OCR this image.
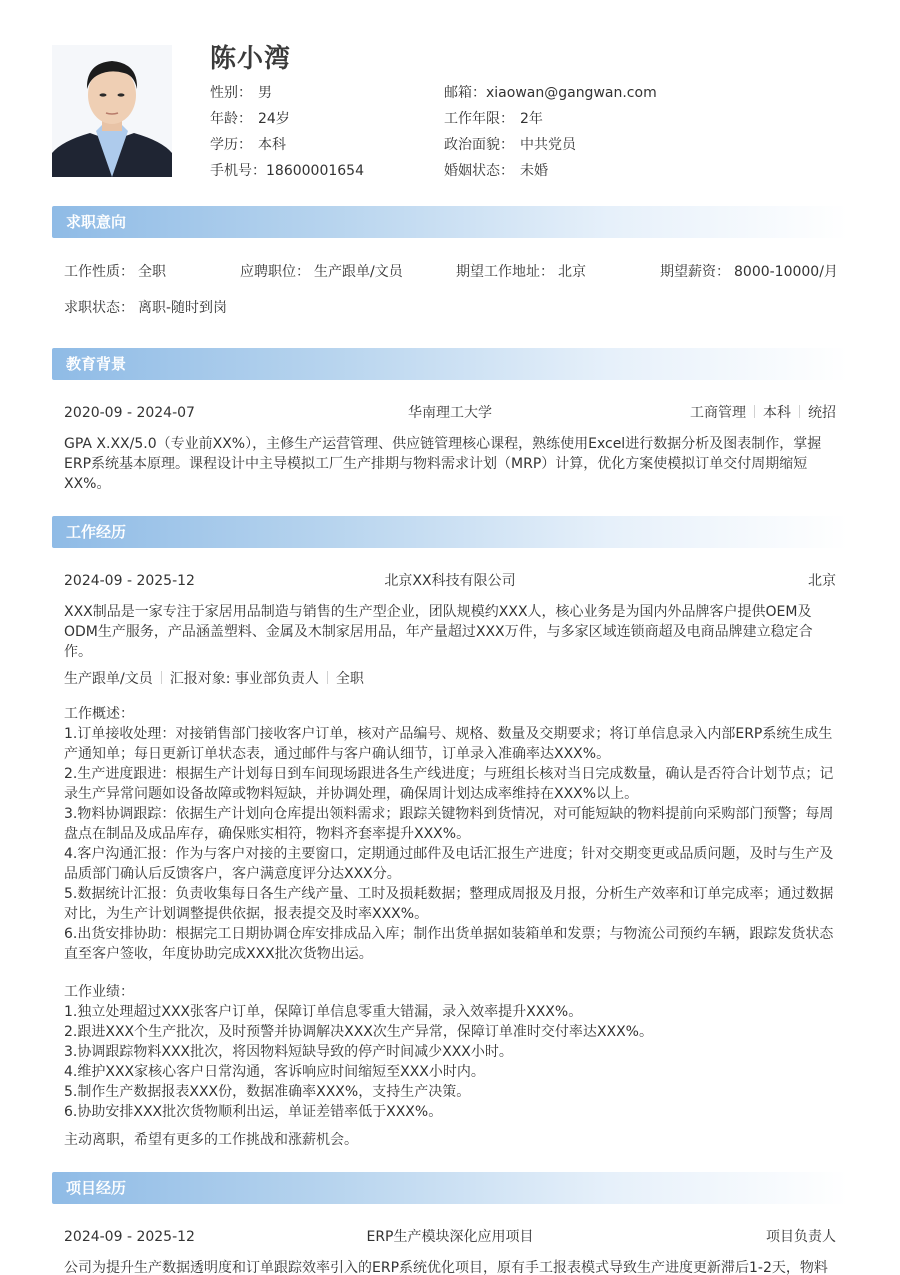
陈小湾
性别： 男
年龄： 24岁
学历： 本科
手机号：18600001654
邮箱：xiaowan@gangwan.com
工作年限： 2年
政治面貌： 中共党员
婚姻状态： 未婚
求职意向
工作性质： 全职	应聘职位： 生产跟单/文员	期望工作地址： 北京	期望薪资： 8000-10000/月
求职状态： 离职-随时到岗
教育背景
2020-09 - 2024-07	华南理工大学	工商管理 本科 统招
GPA X.XX/5.0（专业前XX%），主修生产运营管理、供应链管理核心课程，熟练使用Excel进行数据分析及图表制作，掌握ERP系统基本原理。课程设计中主导模拟工厂生产排期与物料需求计划（MRP）计算，优化方案使模拟订单交付周期缩短XX%。
工作经历
2024-09 - 2025-12	北京XX科技有限公司	北京
XXX制品是一家专注于家居用品制造与销售的生产型企业，团队规模约XXX人，核心业务是为国内外品牌客户提供OEM及ODM生产服务，产品涵盖塑料、金属及木制家居用品，年产量超过XXX万件，与多家区域连锁商超及电商品牌建立稳定合作。
生产跟单/文员 汇报对象: 事业部负责人 全职

工作概述：

1.订单接收处理：对接销售部门接收客户订单，核对产品编号、规格、数量及交期要求；将订单信息录入内部ERP系统生成生产通知单；每日更新订单状态表，通过邮件与客户确认细节，订单录入准确率达XXX%。

2.生产进度跟进：根据生产计划每日到车间现场跟进各生产线进度；与班组长核对当日完成数量，确认是否符合计划节点；记录生产异常问题如设备故障或物料短缺，并协调处理，确保周计划达成率维持在XXX%以上。

3.物料协调跟踪：依据生产计划向仓库提出领料需求；跟踪关键物料到货情况，对可能短缺的物料提前向采购部门预警；每周盘点在制品及成品库存，确保账实相符，物料齐套率提升XXX%。

4.客户沟通汇报：作为与客户对接的主要窗口，定期通过邮件及电话汇报生产进度；针对交期变更或品质问题，及时与生产及品质部门确认后反馈客户，客户满意度评分达XXX分。

5.数据统计汇报：负责收集每日各生产线产量、工时及损耗数据；整理成周报及月报，分析生产效率和订单完成率；通过数据对比，为生产计划调整提供依据，报表提交及时率XXX%。

6.出货安排协助：根据完工日期协调仓库安排成品入库；制作出货单据如装箱单和发票；与物流公司预约车辆，跟踪发货状态直至客户签收，年度协助完成XXX批次货物出运。

工作业绩：

1.独立处理超过XXX张客户订单，保障订单信息零重大错漏，录入效率提升XXX%。

2.跟进XXX个生产批次，及时预警并协调解决XXX次生产异常，保障订单准时交付率达XXX%。

3.协调跟踪物料XXX批次，将因物料短缺导致的停产时间减少XXX小时。

4.维护XXX家核心客户日常沟通，客诉响应时间缩短至XXX小时内。

5.制作生产数据报表XXX份，数据准确率XXX%，支持生产决策。

6.协助安排XXX批次货物顺利出运，单证差错率低于XXX%。

主动离职，希望有更多的工作挑战和涨薪机会。
项目经历
2024-09 - 2025-12	ERP生产模块深化应用项目	项目负责人
公司为提升生产数据透明度和订单跟踪效率引入的ERP系统优化项目，原有手工报表模式导致生产进度更新滞后1-2天，物料
